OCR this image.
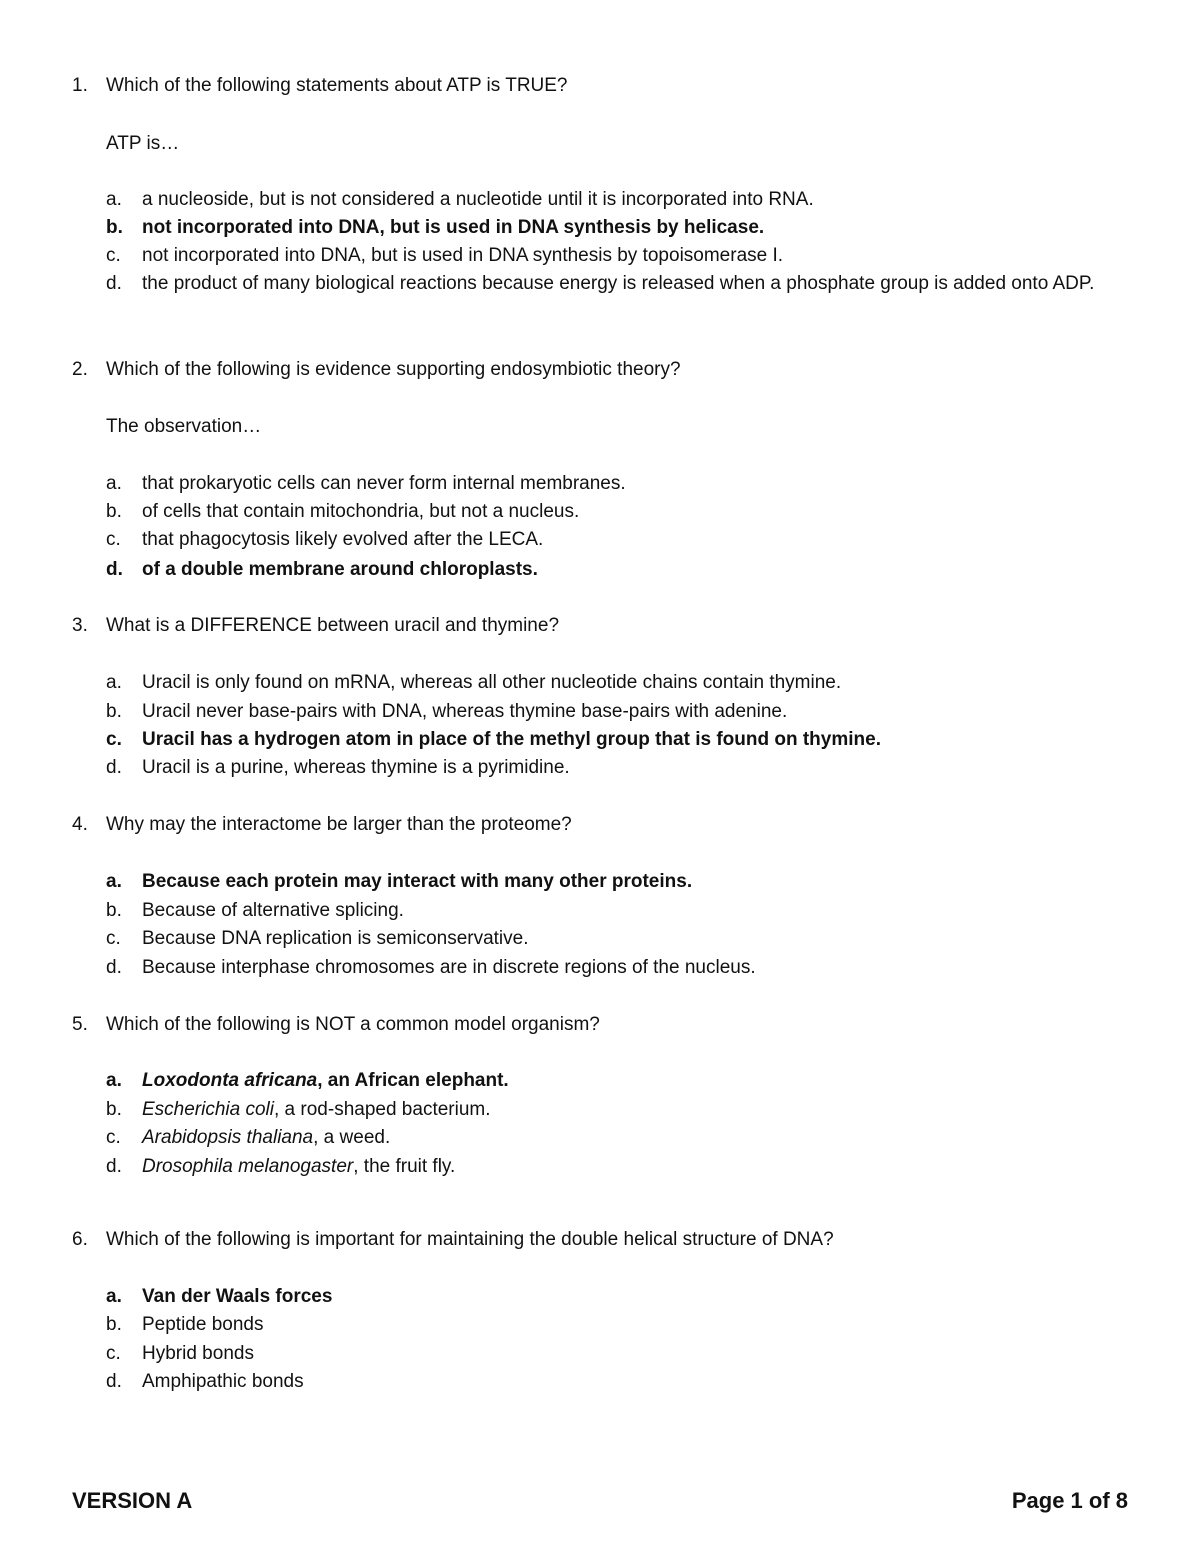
1. Which of the following statements about ATP is TRUE?
ATP is…
a. a nucleoside, but is not considered a nucleotide until it is incorporated into RNA.
b. not incorporated into DNA, but is used in DNA synthesis by helicase.
c. not incorporated into DNA, but is used in DNA synthesis by topoisomerase I.
d. the product of many biological reactions because energy is released when a phosphate group is added onto ADP.
2. Which of the following is evidence supporting endosymbiotic theory?
The observation…
a. that prokaryotic cells can never form internal membranes.
b. of cells that contain mitochondria, but not a nucleus.
c. that phagocytosis likely evolved after the LECA.
d. of a double membrane around chloroplasts.
3. What is a DIFFERENCE between uracil and thymine?
a. Uracil is only found on mRNA, whereas all other nucleotide chains contain thymine.
b. Uracil never base-pairs with DNA, whereas thymine base-pairs with adenine.
c. Uracil has a hydrogen atom in place of the methyl group that is found on thymine.
d. Uracil is a purine, whereas thymine is a pyrimidine.
4. Why may the interactome be larger than the proteome?
a. Because each protein may interact with many other proteins.
b. Because of alternative splicing.
c. Because DNA replication is semiconservative.
d. Because interphase chromosomes are in discrete regions of the nucleus.
5. Which of the following is NOT a common model organism?
a. Loxodonta africana, an African elephant.
b. Escherichia coli, a rod-shaped bacterium.
c. Arabidopsis thaliana, a weed.
d. Drosophila melanogaster, the fruit fly.
6. Which of the following is important for maintaining the double helical structure of DNA?
a. Van der Waals forces
b. Peptide bonds
c. Hybrid bonds
d. Amphipathic bonds
VERSION A	Page 1 of 8
